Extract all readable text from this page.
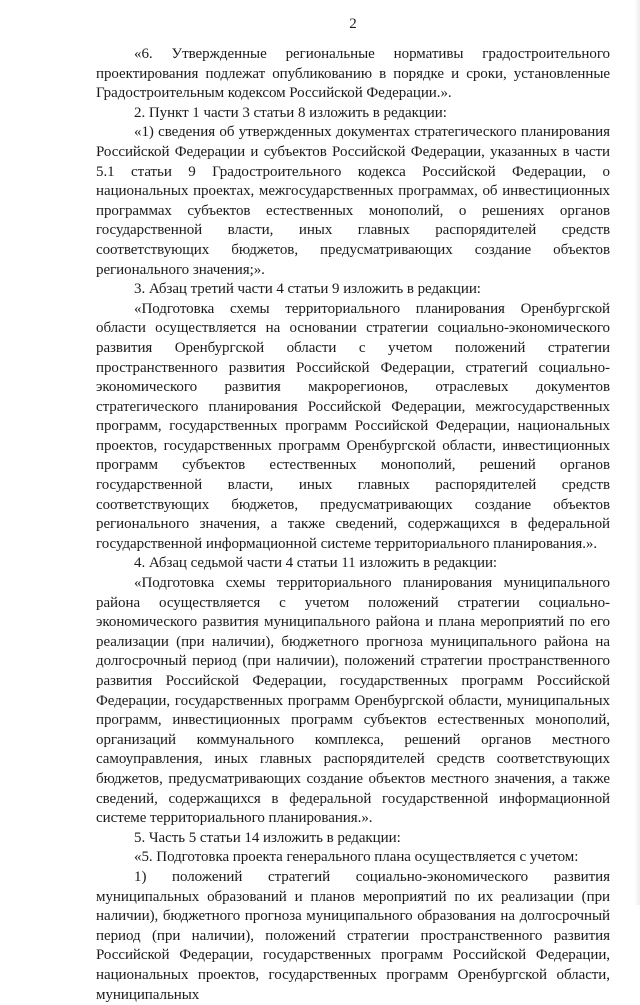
2

«6. Утвержденные региональные нормативы градостроительного проектирования подлежат опубликованию в порядке и сроки, установленные Градостроительным кодексом Российской Федерации.».

2. Пункт 1 части 3 статьи 8 изложить в редакции:

«1) сведения об утвержденных документах стратегического планирования Российской Федерации и субъектов Российской Федерации, указанных в части 5.1 статьи 9 Градостроительного кодекса Российской Федерации, о национальных проектах, межгосударственных программах, об инвестиционных программах субъектов естественных монополий, о решениях органов государственной власти, иных главных распорядителей средств соответствующих бюджетов, предусматривающих создание объектов регионального значения;».

3. Абзац третий части 4 статьи 9 изложить в редакции:

«Подготовка схемы территориального планирования Оренбургской области осуществляется на основании стратегии социально-экономического развития Оренбургской области с учетом положений стратегии пространственного развития Российской Федерации, стратегий социально-экономического развития макрорегионов, отраслевых документов стратегического планирования Российской Федерации, межгосударственных программ, государственных программ Российской Федерации, национальных проектов, государственных программ Оренбургской области, инвестиционных программ субъектов естественных монополий, решений органов государственной власти, иных главных распорядителей средств соответствующих бюджетов, предусматривающих создание объектов регионального значения, а также сведений, содержащихся в федеральной государственной информационной системе территориального планирования.».

4. Абзац седьмой части 4 статьи 11 изложить в редакции:

«Подготовка схемы территориального планирования муниципального района осуществляется с учетом положений стратегии социально-экономического развития муниципального района и плана мероприятий по его реализации (при наличии), бюджетного прогноза муниципального района на долгосрочный период (при наличии), положений стратегии пространственного развития Российской Федерации, государственных программ Российской Федерации, государственных программ Оренбургской области, муниципальных программ, инвестиционных программ субъектов естественных монополий, организаций коммунального комплекса, решений органов местного самоуправления, иных главных распорядителей средств соответствующих бюджетов, предусматривающих создание объектов местного значения, а также сведений, содержащихся в федеральной государственной информационной системе территориального планирования.».

5. Часть 5 статьи 14 изложить в редакции:

«5. Подготовка проекта генерального плана осуществляется с учетом:

1) положений стратегий социально-экономического развития муниципальных образований и планов мероприятий по их реализации (при наличии), бюджетного прогноза муниципального образования на долгосрочный период (при наличии), положений стратегии пространственного развития Российской Федерации, государственных программ Российской Федерации, национальных проектов, государственных программ Оренбургской области, муниципальных
